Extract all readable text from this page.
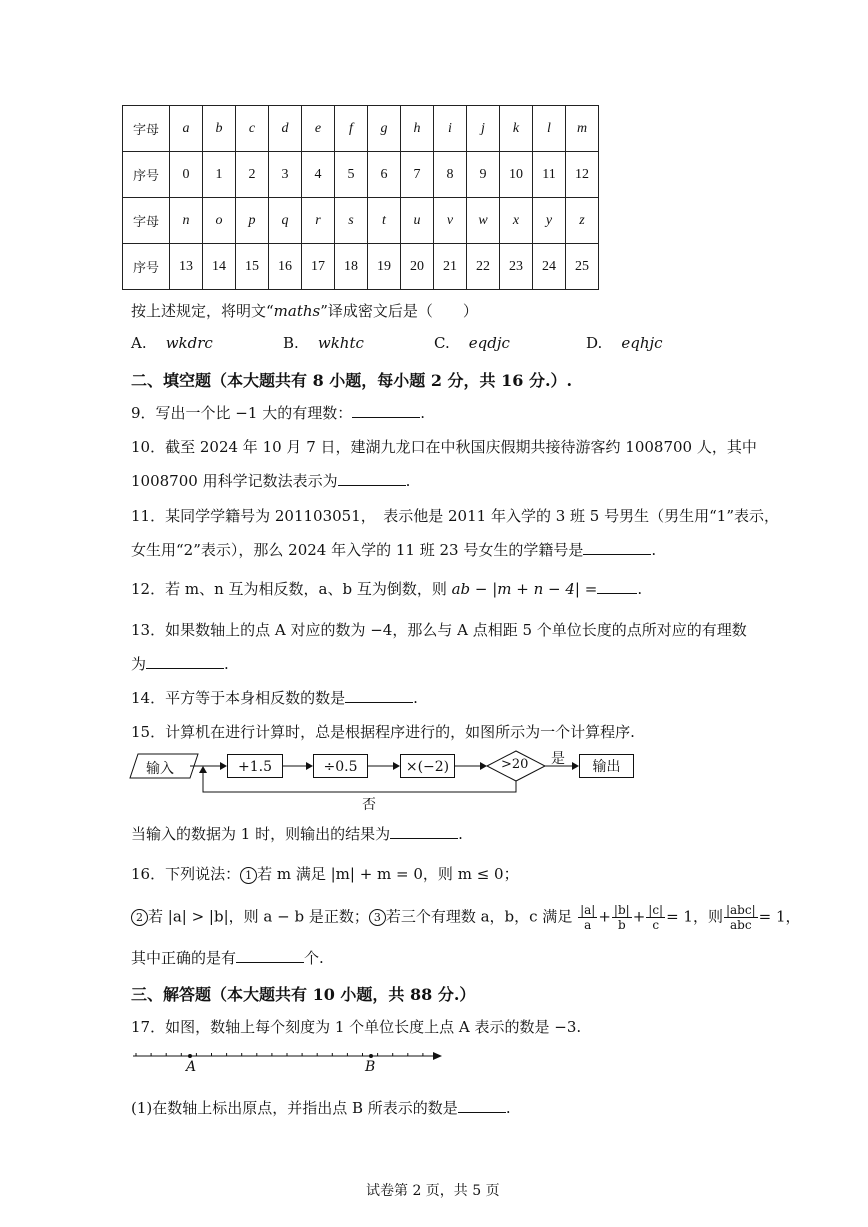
字母	a	b	c	d	e	f	g	h	i	j	k	l	m
序号	0	1	2	3	4	5	6	7	8	9	10	11	12
字母	n	o	p	q	r	s	t	u	v	w	x	y	z
序号	13	14	15	16	17	18	19	20	21	22	23	24	25
按上述规定，将明文“maths”译成密文后是（　　）
A. wkdrc	B. wkhtc	C. eqdjc	D. eqhjc
二、填空题（本大题共有 8 小题，每小题 2 分，共 16 分.）.
9．写出一个比 −1 大的有理数：	.
10．截至 2024 年 10 月 7 日，建湖九龙口在中秋国庆假期共接待游客约 1008700 人，其中
1008700 用科学记数法表示为	.
11．某同学学籍号为 201103051，　表示他是 2011 年入学的 3 班 5 号男生（男生用“1”表示，
女生用“2”表示），那么 2024 年入学的 11 班 23 号女生的学籍号是	.
12．若 m、n 互为相反数，a、b 互为倒数，则 ab − |m + n − 4| =	.
13．如果数轴上的点 A 对应的数为 −4，那么与 A 点相距 5 个单位长度的点所对应的有理数
为	.
14．平方等于本身相反数的数是	.
15．计算机在进行计算时，总是根据程序进行的，如图所示为一个计算程序.
输入	+1.5	÷0.5	×(−2)	>20 是	输出
否
当输入的数据为 1 时，则输出的结果为	.
16．下列说法： 1 若 m 满足 |m| + m = 0，则 m ≤ 0；
2 若 |a| > |b|，则 a − b 是正数； 3 若三个有理数 a，b，c 满足 $\frac{|a|}{a} + \frac{|b|}{b} + \frac{|c|}{c} = 1$，则 $\frac{\text{|abc|}}{\text{abc}} = 1$，
其中正确的是有	个.
三、解答题（本大题共有 10 小题，共 88 分.）
17．如图，数轴上每个刻度为 1 个单位长度上点 A 表示的数是 −3.
A	B
(1)在数轴上标出原点，并指出点 B 所表示的数是	.
试卷第 2 页，共 5 页
